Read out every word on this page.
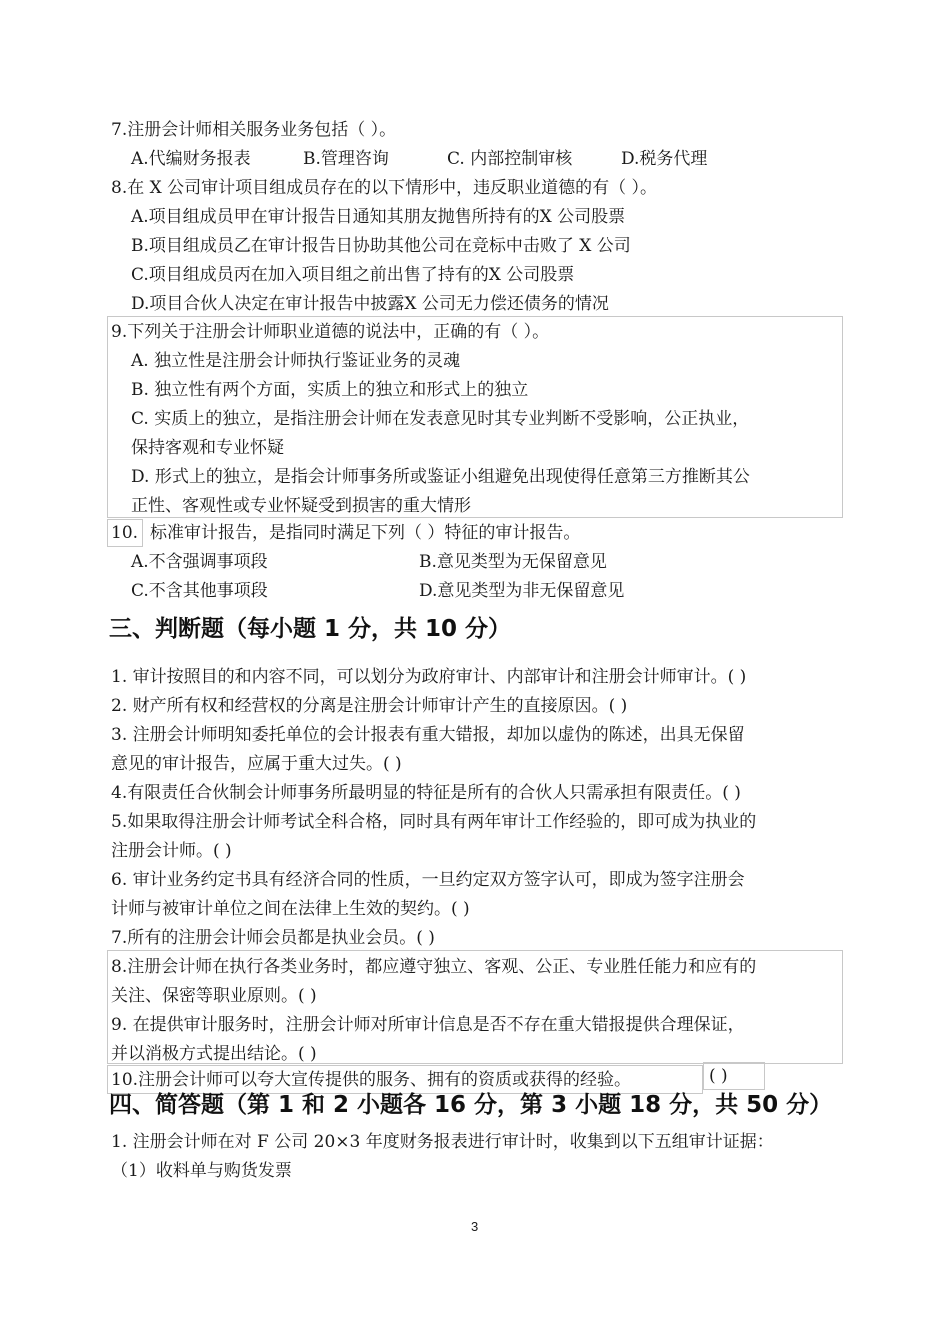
7.注册会计师相关服务业务包括（ ）。
A.代编财务报表	B.管理咨询	C. 内部控制审核	D.税务代理
8.在 X 公司审计项目组成员存在的以下情形中，违反职业道德的有（ ）。
A.项目组成员甲在审计报告日通知其朋友抛售所持有的X 公司股票
B.项目组成员乙在审计报告日协助其他公司在竞标中击败了 X 公司
C.项目组成员丙在加入项目组之前出售了持有的X 公司股票
D.项目合伙人决定在审计报告中披露X 公司无力偿还债务的情况
9.下列关于注册会计师职业道德的说法中，正确的有（ ）。
A. 独立性是注册会计师执行鉴证业务的灵魂
B. 独立性有两个方面，实质上的独立和形式上的独立
C. 实质上的独立，是指注册会计师在发表意见时其专业判断不受影响，公正执业，
保持客观和专业怀疑
D. 形式上的独立，是指会计师事务所或鉴证小组避免出现使得任意第三方推断其公
正性、客观性或专业怀疑受到损害的重大情形
10. 标准审计报告，是指同时满足下列（ ）特征的审计报告。
A.不含强调事项段	B.意见类型为无保留意见
C.不含其他事项段	D.意见类型为非无保留意见
三、判断题（每小题 1 分，共 10 分）
1. 审计按照目的和内容不同，可以划分为政府审计、内部审计和注册会计师审计。( )
2. 财产所有权和经营权的分离是注册会计师审计产生的直接原因。( )
3. 注册会计师明知委托单位的会计报表有重大错报，却加以虚伪的陈述，出具无保留
意见的审计报告，应属于重大过失。( )
4.有限责任合伙制会计师事务所最明显的特征是所有的合伙人只需承担有限责任。( )
5.如果取得注册会计师考试全科合格，同时具有两年审计工作经验的，即可成为执业的
注册会计师。( )
6. 审计业务约定书具有经济合同的性质，一旦约定双方签字认可，即成为签字注册会
计师与被审计单位之间在法律上生效的契约。( )
7.所有的注册会计师会员都是执业会员。( )
8.注册会计师在执行各类业务时，都应遵守独立、客观、公正、专业胜任能力和应有的
关注、保密等职业原则。( )
9. 在提供审计服务时，注册会计师对所审计信息是否不存在重大错报提供合理保证，
并以消极方式提出结论。( )
10.注册会计师可以夸大宣传提供的服务、拥有的资质或获得的经验。	( )
四、简答题（第 1 和 2 小题各 16 分，第 3 小题 18 分，共 50 分）
1. 注册会计师在对 F 公司 20×3 年度财务报表进行审计时，收集到以下五组审计证据：
（1）收料单与购货发票
3
